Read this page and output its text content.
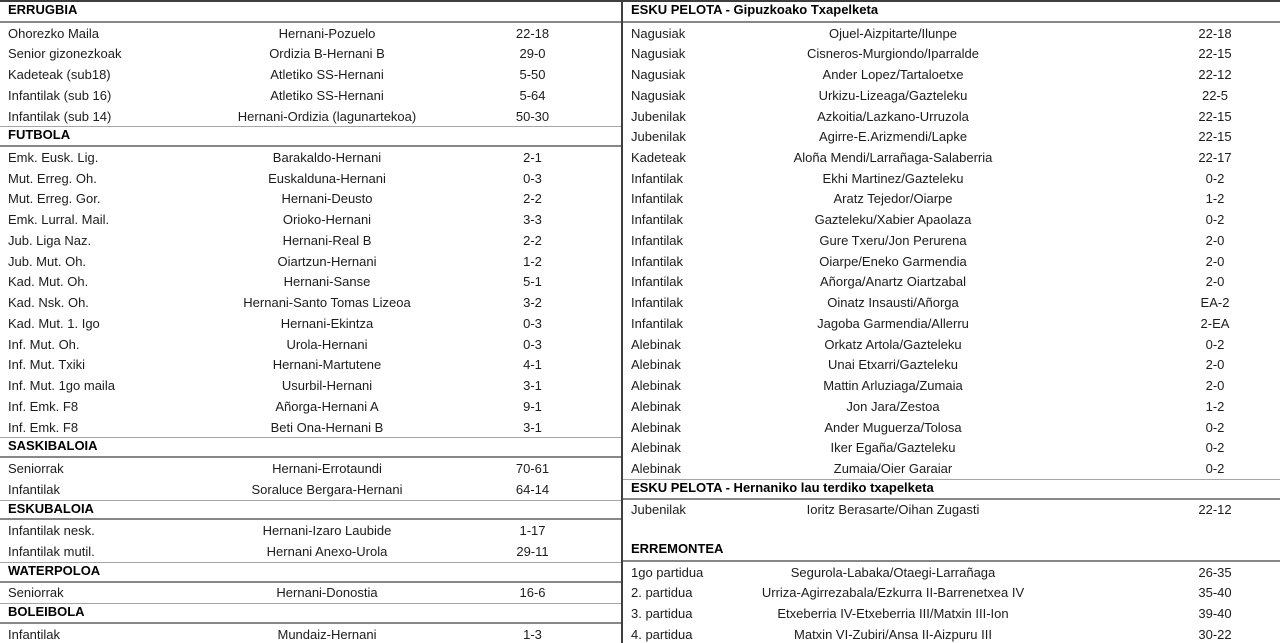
ERRUGBIA
Ohorezko Maila	Hernani-Pozuelo	22-18
Senior gizonezkoak	Ordizia B-Hernani B	29-0
Kadeteak (sub18)	Atletiko SS-Hernani	5-50
Infantilak (sub 16)	Atletiko SS-Hernani	5-64
Infantilak (sub 14)	Hernani-Ordizia (lagunartekoa)	50-30
FUTBOLA
Emk. Eusk. Lig.	Barakaldo-Hernani	2-1
Mut. Erreg. Oh.	Euskalduna-Hernani	0-3
Mut. Erreg. Gor.	Hernani-Deusto	2-2
Emk. Lurral. Mail.	Orioko-Hernani	3-3
Jub. Liga Naz.	Hernani-Real B	2-2
Jub. Mut. Oh.	Oiartzun-Hernani	1-2
Kad. Mut. Oh.	Hernani-Sanse	5-1
Kad. Nsk. Oh.	Hernani-Santo Tomas Lizeoa	3-2
Kad. Mut. 1. Igo	Hernani-Ekintza	0-3
Inf. Mut. Oh.	Urola-Hernani	0-3
Inf. Mut. Txiki	Hernani-Martutene	4-1
Inf. Mut. 1go maila	Usurbil-Hernani	3-1
Inf. Emk. F8	Añorga-Hernani A	9-1
Inf. Emk. F8	Beti Ona-Hernani B	3-1
SASKIBALOIA
Seniorrak	Hernani-Errotaundi	70-61
Infantilak	Soraluce Bergara-Hernani	64-14
ESKUBALOIA
Infantilak nesk.	Hernani-Izaro Laubide	1-17
Infantilak mutil.	Hernani Anexo-Urola	29-11
WATERPOLOA
Seniorrak	Hernani-Donostia	16-6
BOLEIBOLA
Infantilak	Mundaiz-Hernani	1-3
ESKU PELOTA - Gipuzkoako Txapelketa
Nagusiak	Ojuel-Aizpitarte/Ilunpe	22-18
Nagusiak	Cisneros-Murgiondo/Iparralde	22-15
Nagusiak	Ander Lopez/Tartaloetxe	22-12
Nagusiak	Urkizu-Lizeaga/Gazteleku	22-5
Jubenilak	Azkoitia/Lazkano-Urruzola	22-15
Jubenilak	Agirre-E.Arizmendi/Lapke	22-15
Kadeteak	Aloña Mendi/Larrañaga-Salaberria	22-17
Infantilak	Ekhi Martinez/Gazteleku	0-2
Infantilak	Aratz Tejedor/Oiarpe	1-2
Infantilak	Gazteleku/Xabier Apaolaza	0-2
Infantilak	Gure Txeru/Jon Perurena	2-0
Infantilak	Oiarpe/Eneko Garmendia	2-0
Infantilak	Añorga/Anartz Oiartzabal	2-0
Infantilak	Oinatz Insausti/Añorga	EA-2
Infantilak	Jagoba Garmendia/Allerru	2-EA
Alebinak	Orkatz Artola/Gazteleku	0-2
Alebinak	Unai Etxarri/Gazteleku	2-0
Alebinak	Mattin Arluziaga/Zumaia	2-0
Alebinak	Jon Jara/Zestoa	1-2
Alebinak	Ander Muguerza/Tolosa	0-2
Alebinak	Iker Egaña/Gazteleku	0-2
Alebinak	Zumaia/Oier Garaiar	0-2
ESKU PELOTA - Hernaniko lau terdiko txapelketa
Jubenilak	Ioritz Berasarte/Oihan Zugasti	22-12
ERREMONTEA
1go partidua	Segurola-Labaka/Otaegi-Larrañaga	26-35
2. partidua	Urriza-Agirrezabala/Ezkurra II-Barrenetxea IV	35-40
3. partidua	Etxeberria IV-Etxeberria III/Matxin III-Ion	39-40
4. partidua	Matxin VI-Zubiri/Ansa II-Aizpuru III	30-22
